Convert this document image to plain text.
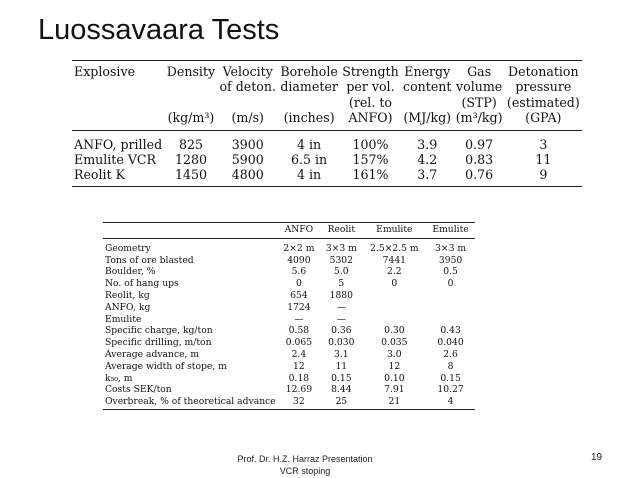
Luossavaara Tests
Explosive	Density	Velocity	Borehole	Strength	Energy	Gas	Detonation
		of deton.	diameter	per vol.	content	volume	pressure
				(rel. to		(STP)	(estimated)
	(kg/m³)	(m/s)	(inches)	ANFO)	(MJ/kg)	(m³/kg)	(GPA)
ANFO, prilled	825	3900	4 in	100%	3.9	0.97	3
Emulite VCR	1280	5900	6.5 in	157%	4.2	0.83	11
Reolit K	1450	4800	4 in	161%	3.7	0.76	9
	ANFO	Reolit	Emulite	Emulite
Geometry	2×2 m	3×3 m	2.5×2.5 m	3×3 m
Tons of ore blasted	4090	5302	7441	3950
Boulder, %	5.6	5.0	2.2	0.5
No. of hang ups	0	5	0	0
Reolit, kg	654	1880		
ANFO, kg	1724	—		
Emulite	—	—		
Specific charge, kg/ton	0.58	0.36	0.30	0.43
Specific drilling, m/ton	0.065	0.030	0.035	0.040
Average advance, m	2.4	3.1	3.0	2.6
Average width of stope, m	12	11	12	8
k₅₀, m	0.18	0.15	0.10	0.15
Costs SEK/ton	12.69	8.44	7.91	10.27
Overbreak, % of theoretical advance	32	25	21	4
Prof. Dr. H.Z. Harraz Presentation
VCR stoping
19
